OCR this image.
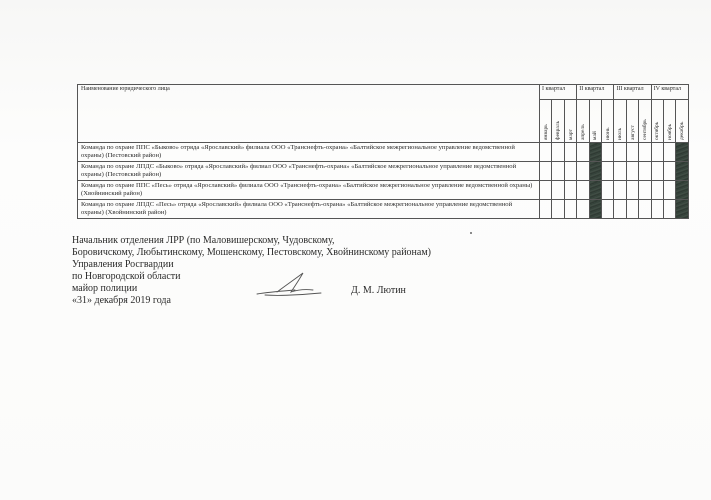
Наименование юридического лица	I квартал			II квартал			III квартал			IV квартал		

	январь	февраль	март	апрель	май	июнь	июль	август	сентябрь	октябрь	ноябрь	декабрь

Команда по охране ППС «Быково» отряда «Ярославский» филиала ООО «Транснефть-охрана» «Балтийское межрегиональное управление ведомственной охраны) (Пестовский район)												
Команда по охране ЛПДС «Быково» отряда «Ярославский» филиал ООО «Транснефть-охрана» «Балтийское межрегиональное управление ведомственной охраны) (Пестовский район)												
Команда по охране ППС «Песь» отряда «Ярославский» филиала ООО «Транснефть-охрана» «Балтийское межрегиональное управление ведомственной охраны) (Хвойнинский район)												
Команда по охране ЛПДС «Песь» отряда «Ярославский» филиала ООО «Транснефть-охрана» «Балтийское межрегиональное управление ведомственной охраны) (Хвойнинский район)												
Начальник отделения ЛРР (по Маловишерскому, Чудовскому,
Боровичскому, Любытинскому, Мошенскому, Пестовскому, Хвойнинскому районам)
Управления Росгвардии
по Новгородской области
майор полиции
«31» декабря 2019 года
Д. М. Лютин
